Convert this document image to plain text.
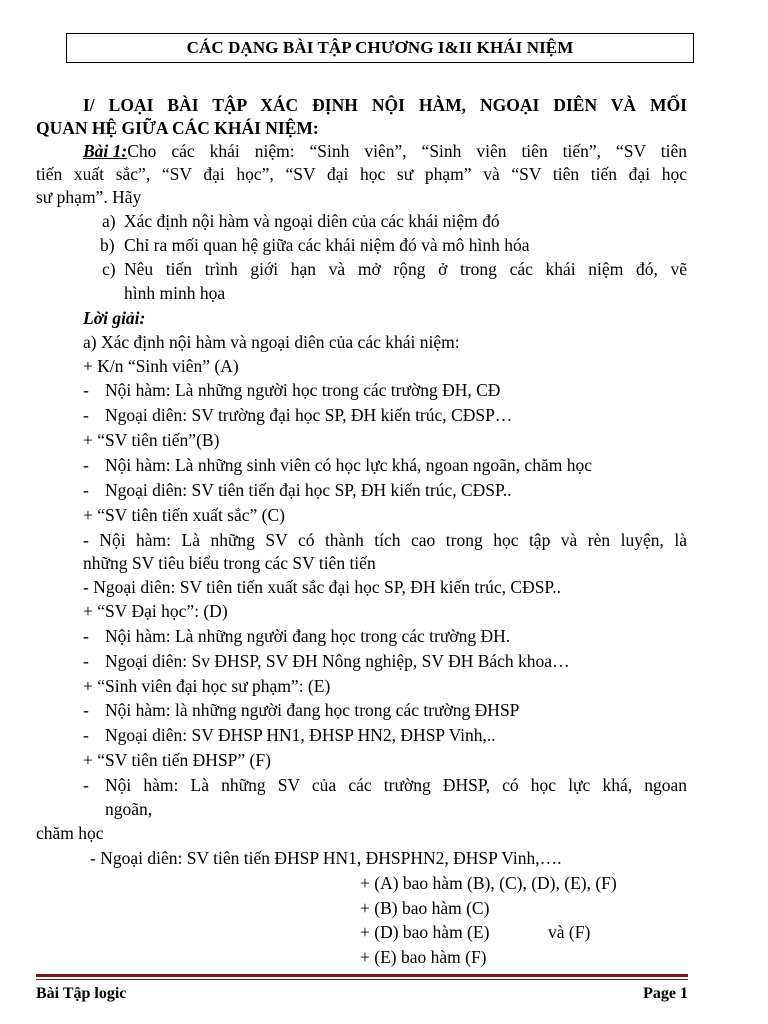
CÁC DẠNG BÀI TẬP CHƯƠNG I&II KHÁI NIỆM
I/ LOẠI BÀI TẬP XÁC ĐỊNH NỘI HÀM, NGOẠI DIÊN VÀ MỐI
QUAN HỆ GIỮA CÁC KHÁI NIỆM:
Bài 1: Cho các khái niệm: “Sinh viên”, “Sinh viên tiên tiến”, “SV tiên
tiến xuất sắc”, “SV đại học”, “SV đại học sư phạm” và “SV tiên tiến đại học
sư phạm”. Hãy
a) Xác định nội hàm và ngoại diên của các khái niệm đó
b) Chỉ ra mối quan hệ giữa các khái niệm đó và mô hình hóa
c) Nêu tiến trình giới hạn và mở rộng ở trong các khái niệm đó, vẽ
hình minh họa
Lời giải:
a) Xác định nội hàm và ngoại diên của các khái niệm:
+ K/n “Sinh viên” (A)
- Nội hàm: Là những người học trong các trường ĐH, CĐ
- Ngoại diên: SV trường đại học SP, ĐH kiến trúc, CĐSP…
+ “SV tiên tiến”(B)
- Nội hàm: Là những sinh viên có học lực khá, ngoan ngoãn, chăm học
- Ngoại diên: SV tiên tiến đại học SP, ĐH kiến trúc, CĐSP..
+ “SV tiên tiến xuất sắc” (C)
- Nội hàm: Là những SV có thành tích cao trong học tập và rèn luyện, là
những SV tiêu biểu trong các SV tiên tiến
- Ngoại diên: SV tiên tiến xuất sắc đại học SP, ĐH kiến trúc, CĐSP..
+ “SV Đại học”: (D)
- Nội hàm: Là những người đang học trong các trường ĐH.
- Ngoại diên: Sv ĐHSP, SV ĐH Nông nghiệp, SV ĐH Bách khoa…
+ “Sinh viên đại học sư phạm”: (E)
- Nội hàm: là những người đang học trong các trường ĐHSP
- Ngoại diên: SV ĐHSP HN1, ĐHSP HN2, ĐHSP Vinh,..
+ “SV tiên tiến ĐHSP” (F)
- Nội hàm: Là những SV của các trường ĐHSP, có học lực khá, ngoan
ngoãn,
chăm học
- Ngoại diên: SV tiên tiến ĐHSP HN1, ĐHSPHN2, ĐHSP Vinh,….
+ (A) bao hàm (B), (C), (D), (E), (F)
+ (B) bao hàm (C)
+ (D) bao hàm (E)	và (F)
+ (E) bao hàm (F)
Bài Tập logic	Page 1
